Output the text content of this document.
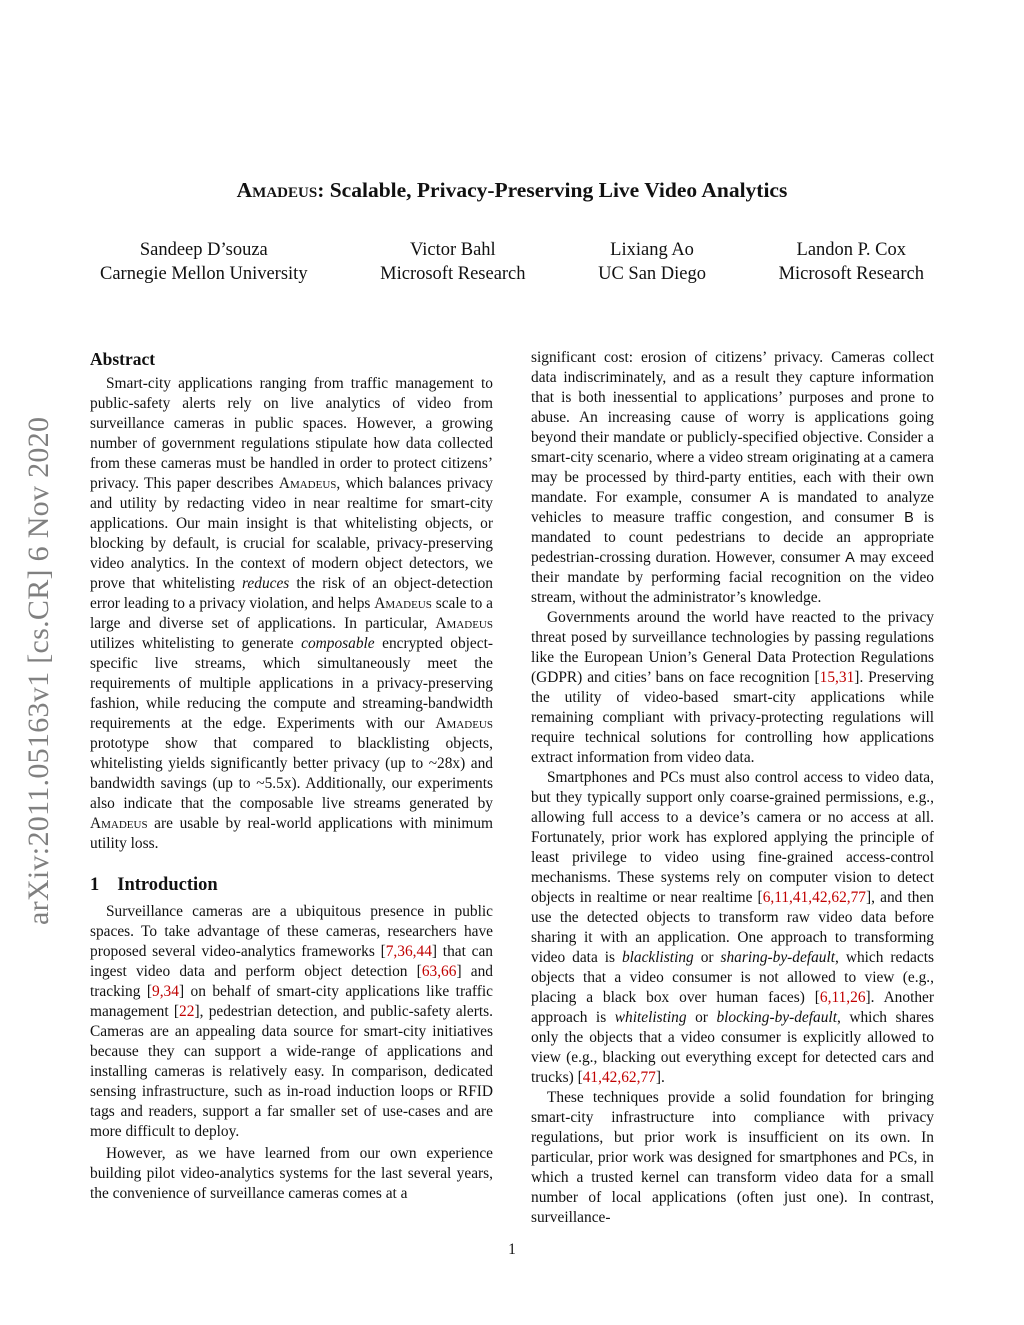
arXiv:2011.05163v1 [cs.CR] 6 Nov 2020
Amadeus: Scalable, Privacy-Preserving Live Video Analytics
Sandeep D’souza
Carnegie Mellon University
Victor Bahl
Microsoft Research
Lixiang Ao
UC San Diego
Landon P. Cox
Microsoft Research
Abstract

Smart-city applications ranging from traffic management to public-safety alerts rely on live analytics of video from surveillance cameras in public spaces. However, a growing number of government regulations stipulate how data collected from these cameras must be handled in order to protect citizens’ privacy. This paper describes Amadeus, which balances privacy and utility by redacting video in near realtime for smart-city applications. Our main insight is that whitelisting objects, or blocking by default, is crucial for scalable, privacy-preserving video analytics. In the context of modern object detectors, we prove that whitelisting reduces the risk of an object-detection error leading to a privacy violation, and helps Amadeus scale to a large and diverse set of applications. In particular, Amadeus utilizes whitelisting to generate composable encrypted object-specific live streams, which simultaneously meet the requirements of multiple applications in a privacy-preserving fashion, while reducing the compute and streaming-bandwidth requirements at the edge. Experiments with our Amadeus prototype show that compared to blacklisting objects, whitelisting yields significantly better privacy (up to ~28x) and bandwidth savings (up to ~5.5x). Additionally, our experiments also indicate that the composable live streams generated by Amadeus are usable by real-world applications with minimum utility loss.

1 Introduction

Surveillance cameras are a ubiquitous presence in public spaces. To take advantage of these cameras, researchers have proposed several video-analytics frameworks [7,36,44] that can ingest video data and perform object detection [63,66] and tracking [9,34] on behalf of smart-city applications like traffic management [22], pedestrian detection, and public-safety alerts. Cameras are an appealing data source for smart-city initiatives because they can support a wide-range of applications and installing cameras is relatively easy. In comparison, dedicated sensing infrastructure, such as in-road induction loops or RFID tags and readers, support a far smaller set of use-cases and are more difficult to deploy.

However, as we have learned from our own experience building pilot video-analytics systems for the last several years, the convenience of surveillance cameras comes at a

significant cost: erosion of citizens’ privacy. Cameras collect data indiscriminately, and as a result they capture information that is both inessential to applications’ purposes and prone to abuse. An increasing cause of worry is applications going beyond their mandate or publicly-specified objective. Consider a smart-city scenario, where a video stream originating at a camera may be processed by third-party entities, each with their own mandate. For example, consumer A is mandated to analyze vehicles to measure traffic congestion, and consumer B is mandated to count pedestrians to decide an appropriate pedestrian-crossing duration. However, consumer A may exceed their mandate by performing facial recognition on the video stream, without the administrator’s knowledge.

Governments around the world have reacted to the privacy threat posed by surveillance technologies by passing regulations like the European Union’s General Data Protection Regulations (GDPR) and cities’ bans on face recognition [15,31]. Preserving the utility of video-based smart-city applications while remaining compliant with privacy-protecting regulations will require technical solutions for controlling how applications extract information from video data.

Smartphones and PCs must also control access to video data, but they typically support only coarse-grained permissions, e.g., allowing full access to a device’s camera or no access at all. Fortunately, prior work has explored applying the principle of least privilege to video using fine-grained access-control mechanisms. These systems rely on computer vision to detect objects in realtime or near realtime [6,11,41,42,62,77], and then use the detected objects to transform raw video data before sharing it with an application. One approach to transforming video data is blacklisting or sharing-by-default, which redacts objects that a video consumer is not allowed to view (e.g., placing a black box over human faces) [6,11,26]. Another approach is whitelisting or blocking-by-default, which shares only the objects that a video consumer is explicitly allowed to view (e.g., blacking out everything except for detected cars and trucks) [41,42,62,77].

These techniques provide a solid foundation for bringing smart-city infrastructure into compliance with privacy regulations, but prior work is insufficient on its own. In particular, prior work was designed for smartphones and PCs, in which a trusted kernel can transform video data for a small number of local applications (often just one). In contrast, surveillance-

1
